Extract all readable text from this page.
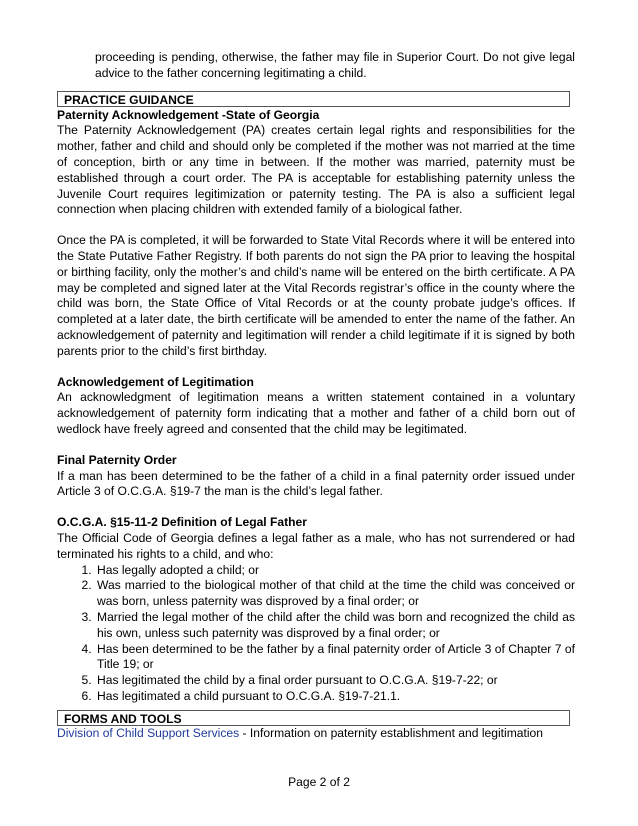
proceeding is pending, otherwise, the father may file in Superior Court. Do not give legal advice to the father concerning legitimating a child.

PRACTICE GUIDANCE
Paternity Acknowledgement -State of Georgia

The Paternity Acknowledgement (PA) creates certain legal rights and responsibilities for the mother, father and child and should only be completed if the mother was not married at the time of conception, birth or any time in between. If the mother was married, paternity must be established through a court order. The PA is acceptable for establishing paternity unless the Juvenile Court requires legitimization or paternity testing. The PA is also a sufficient legal connection when placing children with extended family of a biological father.

Once the PA is completed, it will be forwarded to State Vital Records where it will be entered into the State Putative Father Registry. If both parents do not sign the PA prior to leaving the hospital or birthing facility, only the mother’s and child’s name will be entered on the birth certificate. A PA may be completed and signed later at the Vital Records registrar’s office in the county where the child was born, the State Office of Vital Records or at the county probate judge’s offices. If completed at a later date, the birth certificate will be amended to enter the name of the father. An acknowledgement of paternity and legitimation will render a child legitimate if it is signed by both parents prior to the child’s first birthday.

Acknowledgement of Legitimation

An acknowledgment of legitimation means a written statement contained in a voluntary acknowledgement of paternity form indicating that a mother and father of a child born out of wedlock have freely agreed and consented that the child may be legitimated.

Final Paternity Order

If a man has been determined to be the father of a child in a final paternity order issued under Article 3 of O.C.G.A. §19-7 the man is the child’s legal father.

O.C.G.A. §15-11-2 Definition of Legal Father

The Official Code of Georgia defines a legal father as a male, who has not surrendered or had terminated his rights to a child, and who:

1. Has legally adopted a child; or
2. Was married to the biological mother of that child at the time the child was conceived or was born, unless paternity was disproved by a final order; or
3. Married the legal mother of the child after the child was born and recognized the child as his own, unless such paternity was disproved by a final order; or
4. Has been determined to be the father by a final paternity order of Article 3 of Chapter 7 of Title 19; or
5. Has legitimated the child by a final order pursuant to O.C.G.A. §19-7-22; or
6. Has legitimated a child pursuant to O.C.G.A. §19-7-21.1.
FORMS AND TOOLS

Division of Child Support Services - Information on paternity establishment and legitimation

Page 2 of 2
